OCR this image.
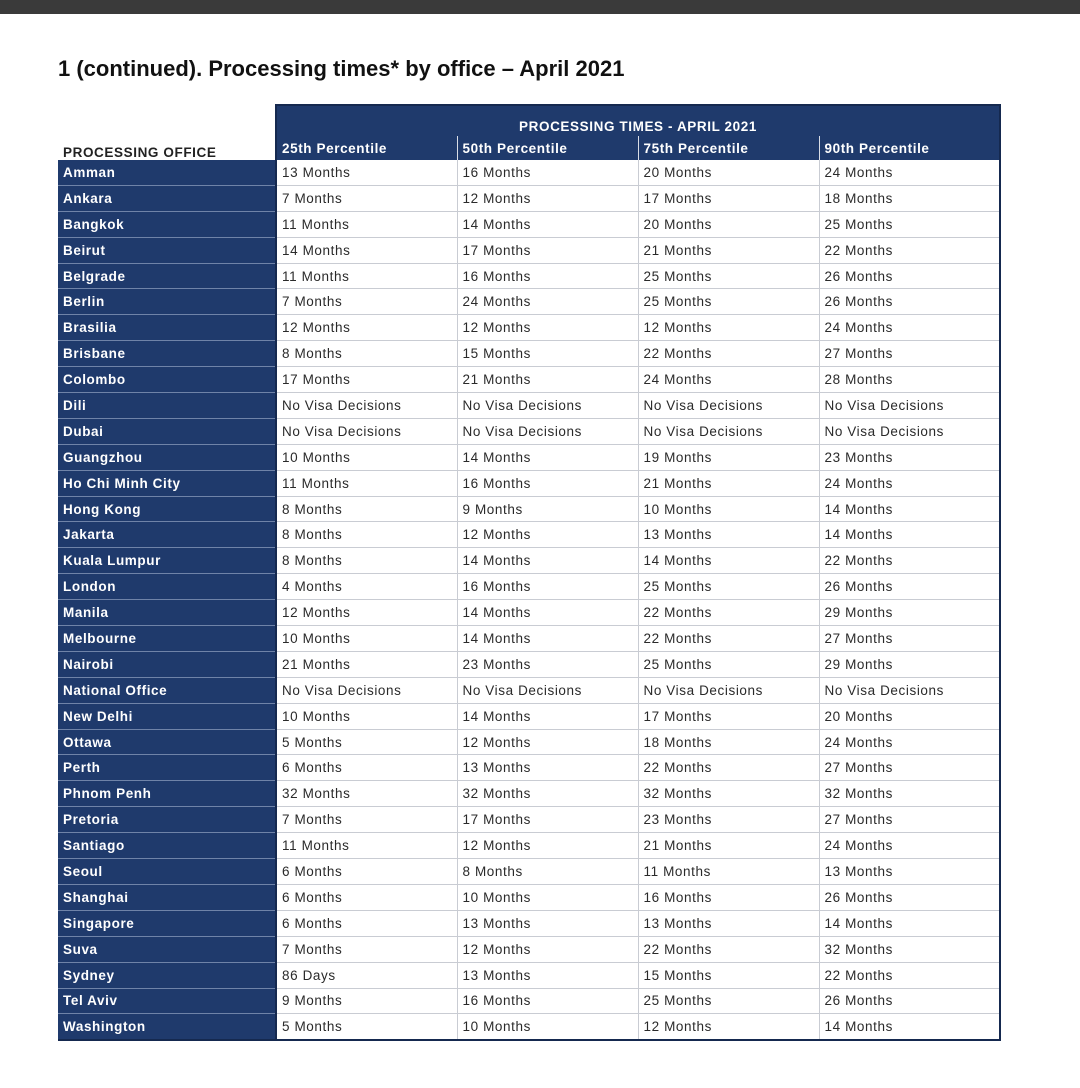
1 (continued). Processing times* by office – April 2021
	PROCESSING TIMES - APRIL 2021			
PROCESSING OFFICE	25th Percentile	50th Percentile	75th Percentile	90th Percentile
Amman	13 Months	16 Months	20 Months	24 Months
Ankara	7 Months	12 Months	17 Months	18 Months
Bangkok	11 Months	14 Months	20 Months	25 Months
Beirut	14 Months	17 Months	21 Months	22 Months
Belgrade	11 Months	16 Months	25 Months	26 Months
Berlin	7 Months	24 Months	25 Months	26 Months
Brasilia	12 Months	12 Months	12 Months	24 Months
Brisbane	8 Months	15 Months	22 Months	27 Months
Colombo	17 Months	21 Months	24 Months	28 Months
Dili	No Visa Decisions	No Visa Decisions	No Visa Decisions	No Visa Decisions
Dubai	No Visa Decisions	No Visa Decisions	No Visa Decisions	No Visa Decisions
Guangzhou	10 Months	14 Months	19 Months	23 Months
Ho Chi Minh City	11 Months	16 Months	21 Months	24 Months
Hong Kong	8 Months	9 Months	10 Months	14 Months
Jakarta	8 Months	12 Months	13 Months	14 Months
Kuala Lumpur	8 Months	14 Months	14 Months	22 Months
London	4 Months	16 Months	25 Months	26 Months
Manila	12 Months	14 Months	22 Months	29 Months
Melbourne	10 Months	14 Months	22 Months	27 Months
Nairobi	21 Months	23 Months	25 Months	29 Months
National Office	No Visa Decisions	No Visa Decisions	No Visa Decisions	No Visa Decisions
New Delhi	10 Months	14 Months	17 Months	20 Months
Ottawa	5 Months	12 Months	18 Months	24 Months
Perth	6 Months	13 Months	22 Months	27 Months
Phnom Penh	32 Months	32 Months	32 Months	32 Months
Pretoria	7 Months	17 Months	23 Months	27 Months
Santiago	11 Months	12 Months	21 Months	24 Months
Seoul	6 Months	8 Months	11 Months	13 Months
Shanghai	6 Months	10 Months	16 Months	26 Months
Singapore	6 Months	13 Months	13 Months	14 Months
Suva	7 Months	12 Months	22 Months	32 Months
Sydney	86 Days	13 Months	15 Months	22 Months
Tel Aviv	9 Months	16 Months	25 Months	26 Months
Washington	5 Months	10 Months	12 Months	14 Months
